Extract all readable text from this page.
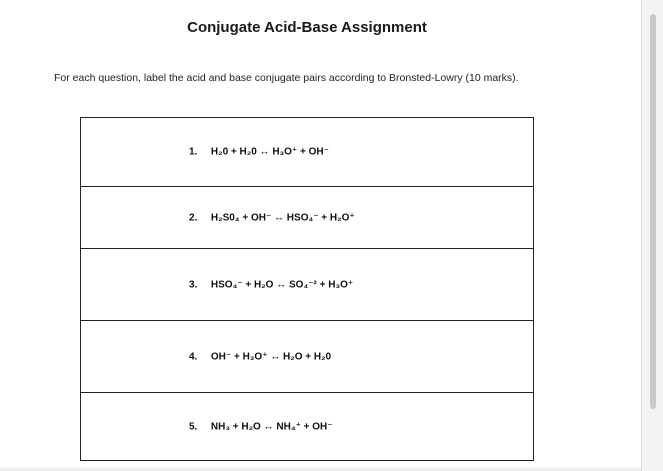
Conjugate Acid-Base Assignment
For each question, label the acid and base conjugate pairs according to Bronsted-Lowry (10 marks).
1. H₂0 + H₂0 ↔ H₃O⁺ + OH⁻
2. H₂S0₄ + OH⁻ ↔ HSO₄⁻ + H₂O⁺
3. HSO₄⁻ + H₂O ↔ SO₄⁻² + H₃O⁺
4. OH⁻ + H₃O⁺ ↔ H₂O + H₂0
5. NH₃ + H₂O ↔ NH₄⁺ + OH⁻
